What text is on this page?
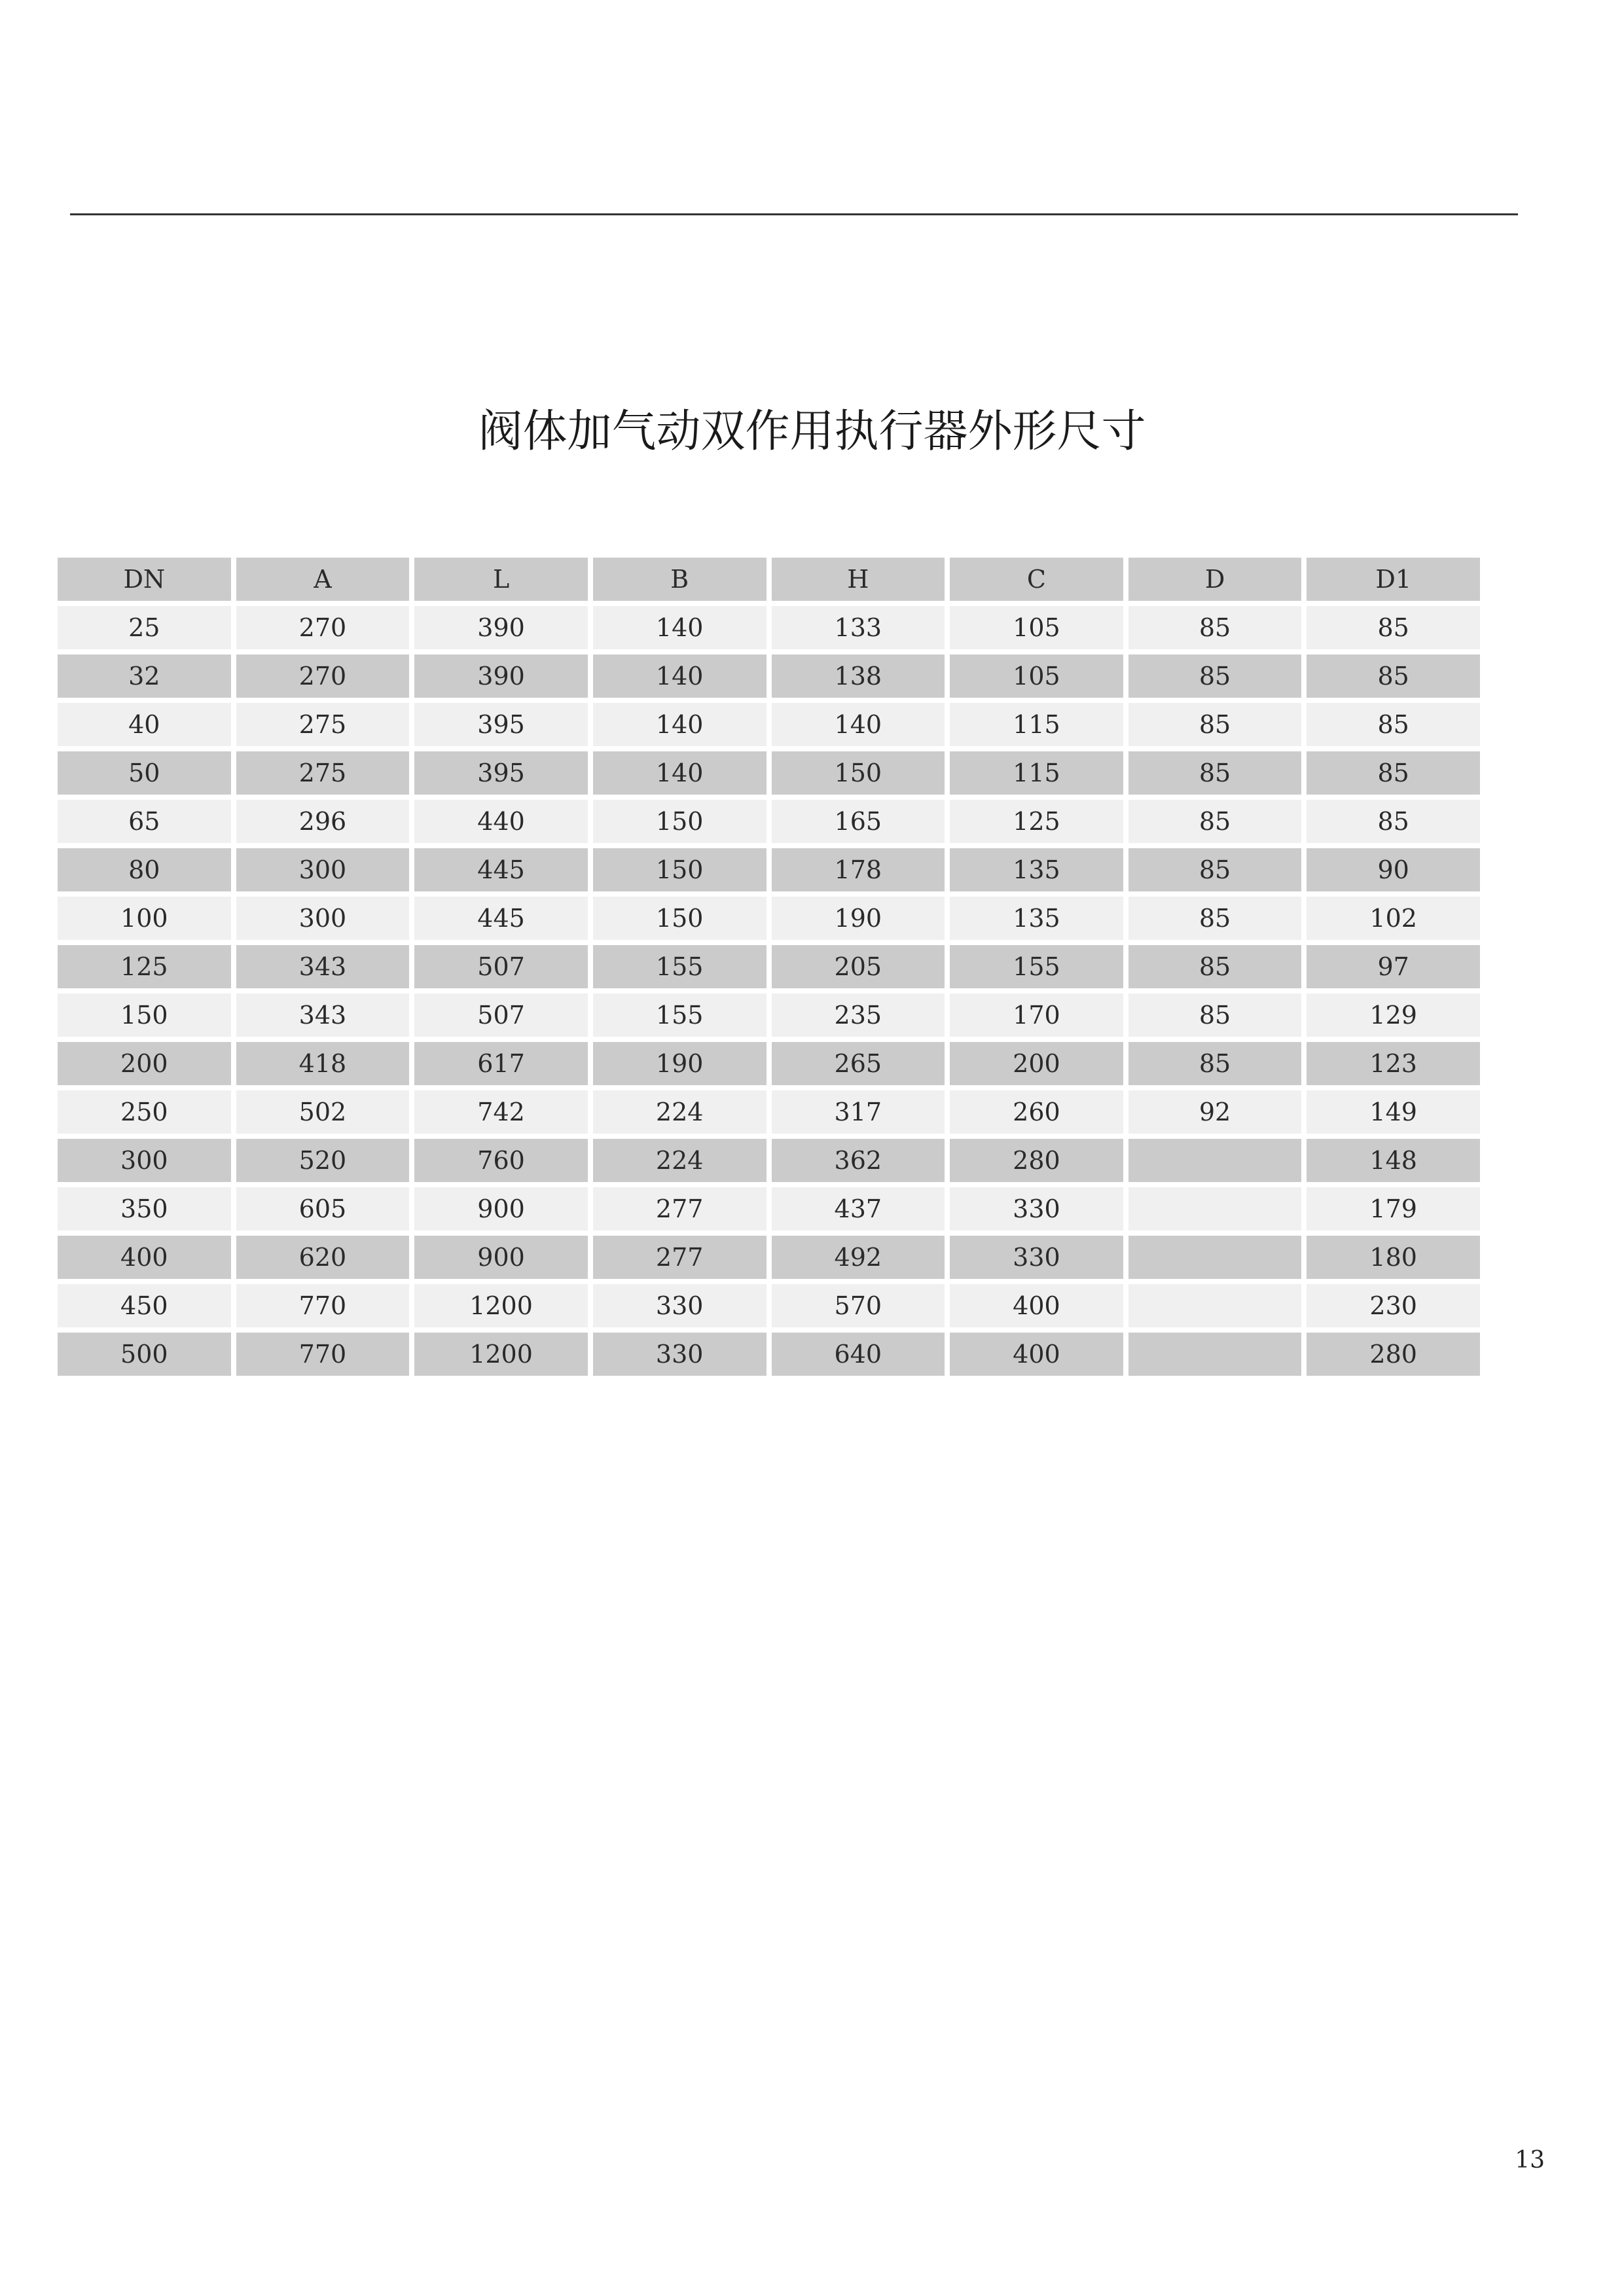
阀体加气动双作用执行器外形尺寸
DN	A	L	B	H	C	D	D1
25	270	390	140	133	105	85	85
32	270	390	140	138	105	85	85
40	275	395	140	140	115	85	85
50	275	395	140	150	115	85	85
65	296	440	150	165	125	85	85
80	300	445	150	178	135	85	90
100	300	445	150	190	135	85	102
125	343	507	155	205	155	85	97
150	343	507	155	235	170	85	129
200	418	617	190	265	200	85	123
250	502	742	224	317	260	92	149
300	520	760	224	362	280		148
350	605	900	277	437	330		179
400	620	900	277	492	330		180
450	770	1200	330	570	400		230
500	770	1200	330	640	400		280
13
